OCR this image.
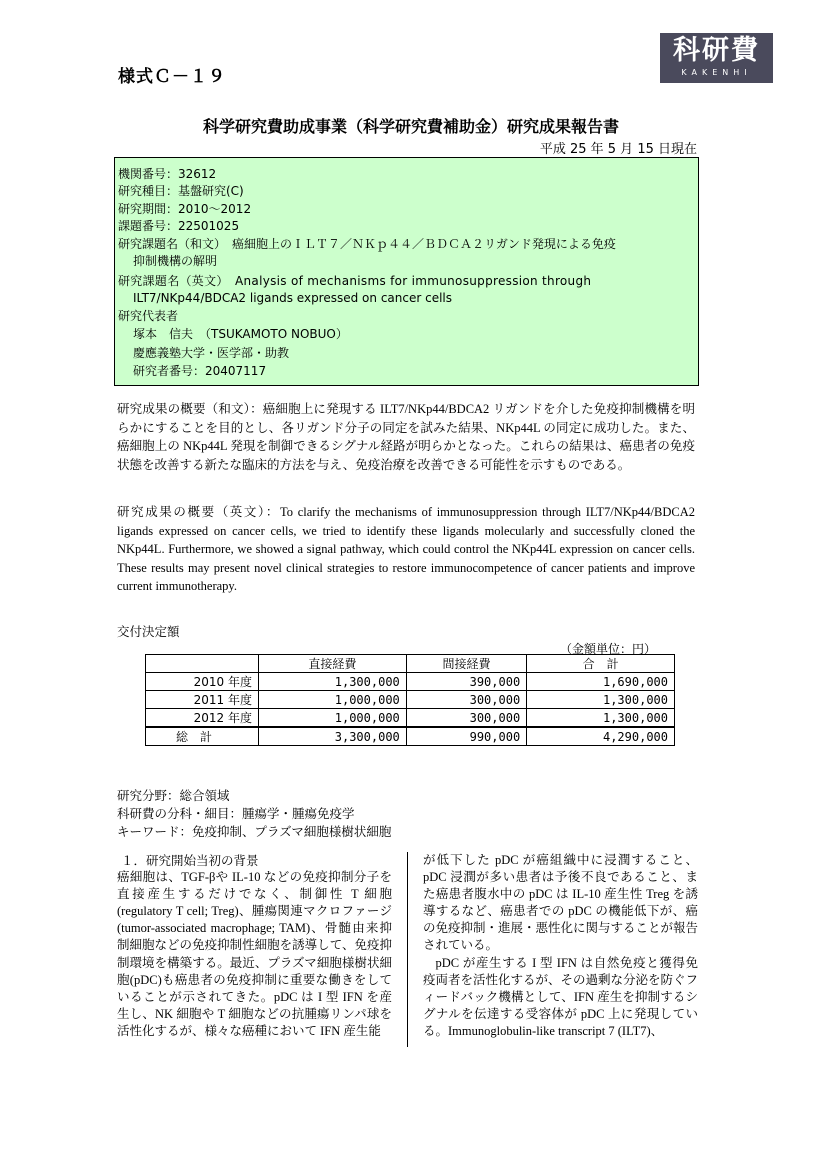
様式Ｃ－１９
科研費
KAKENHI
科学研究費助成事業（科学研究費補助金）研究成果報告書
平成 25 年 5 月 15 日現在
機関番号：32612
研究種目：基盤研究(C)
研究期間：2010～2012
課題番号：22501025
研究課題名（和文）　癌細胞上のＩＬＴ７／ＮＫｐ４４／ＢＤＣＡ２リガンド発現による免疫
抑制機構の解明
研究課題名（英文）　Analysis of mechanisms for immunosuppression through
ILT7/NKp44/BDCA2 ligands expressed on cancer cells
研究代表者
塚本　信夫　（TSUKAMOTO NOBUO）
慶應義塾大学・医学部・助教
研究者番号：20407117
研究成果の概要（和文）：癌細胞上に発現する ILT7/NKp44/BDCA2 リガンドを介した免疫抑制機構を明らかにすることを目的とし、各リガンド分子の同定を試みた結果、NKp44L の同定に成功した。また、癌細胞上の NKp44L 発現を制御できるシグナル経路が明らかとなった。これらの結果は、癌患者の免疫状態を改善する新たな臨床的方法を与え、免疫治療を改善できる可能性を示すものである。
研究成果の概要（英文）：To clarify the mechanisms of immunosuppression through ILT7/NKp44/BDCA2 ligands expressed on cancer cells, we tried to identify these ligands molecularly and successfully cloned the NKp44L. Furthermore, we showed a signal pathway, which could control the NKp44L expression on cancer cells. These results may present novel clinical strategies to restore immunocompetence of cancer patients and improve current immunotherapy.
交付決定額
（金額単位：円）
	直接経費	間接経費	合　計
2010 年度	1,300,000	390,000	1,690,000
2011 年度	1,000,000	300,000	1,300,000
2012 年度	1,000,000	300,000	1,300,000
総　計	3,300,000	990,000	4,290,000
研究分野：総合領域
科研費の分科・細目：腫瘍学・腫瘍免疫学
キーワード：免疫抑制、プラズマ細胞様樹状細胞
１．研究開始当初の背景
癌細胞は、TGF-βや IL-10 などの免疫抑制分子を直接産生するだけでなく、制御性 T 細胞 (regulatory T cell; Treg)、腫瘍関連マクロファージ (tumor-associated macrophage; TAM)、骨髄由来抑制細胞などの免疫抑制性細胞を誘導して、免疫抑制環境を構築する。最近、プラズマ細胞様樹状細胞(pDC)も癌患者の免疫抑制に重要な働きをしていることが示されてきた。pDC は I 型 IFN を産生し、NK 細胞や T 細胞などの抗腫瘍リンパ球を活性化するが、様々な癌種において IFN 産生能
が低下した pDC が癌組織中に浸潤すること、pDC 浸潤が多い患者は予後不良であること、また癌患者腹水中の pDC は IL-10 産生性 Treg を誘導するなど、癌患者での pDC の機能低下が、癌の免疫抑制・進展・悪性化に関与することが報告されている。
pDC が産生する I 型 IFN は自然免疫と獲得免疫両者を活性化するが、その過剰な分泌を防ぐフィードバック機構として、IFN 産生を抑制するシグナルを伝達する受容体が pDC 上に発現している。Immunoglobulin-like transcript 7 (ILT7)、
